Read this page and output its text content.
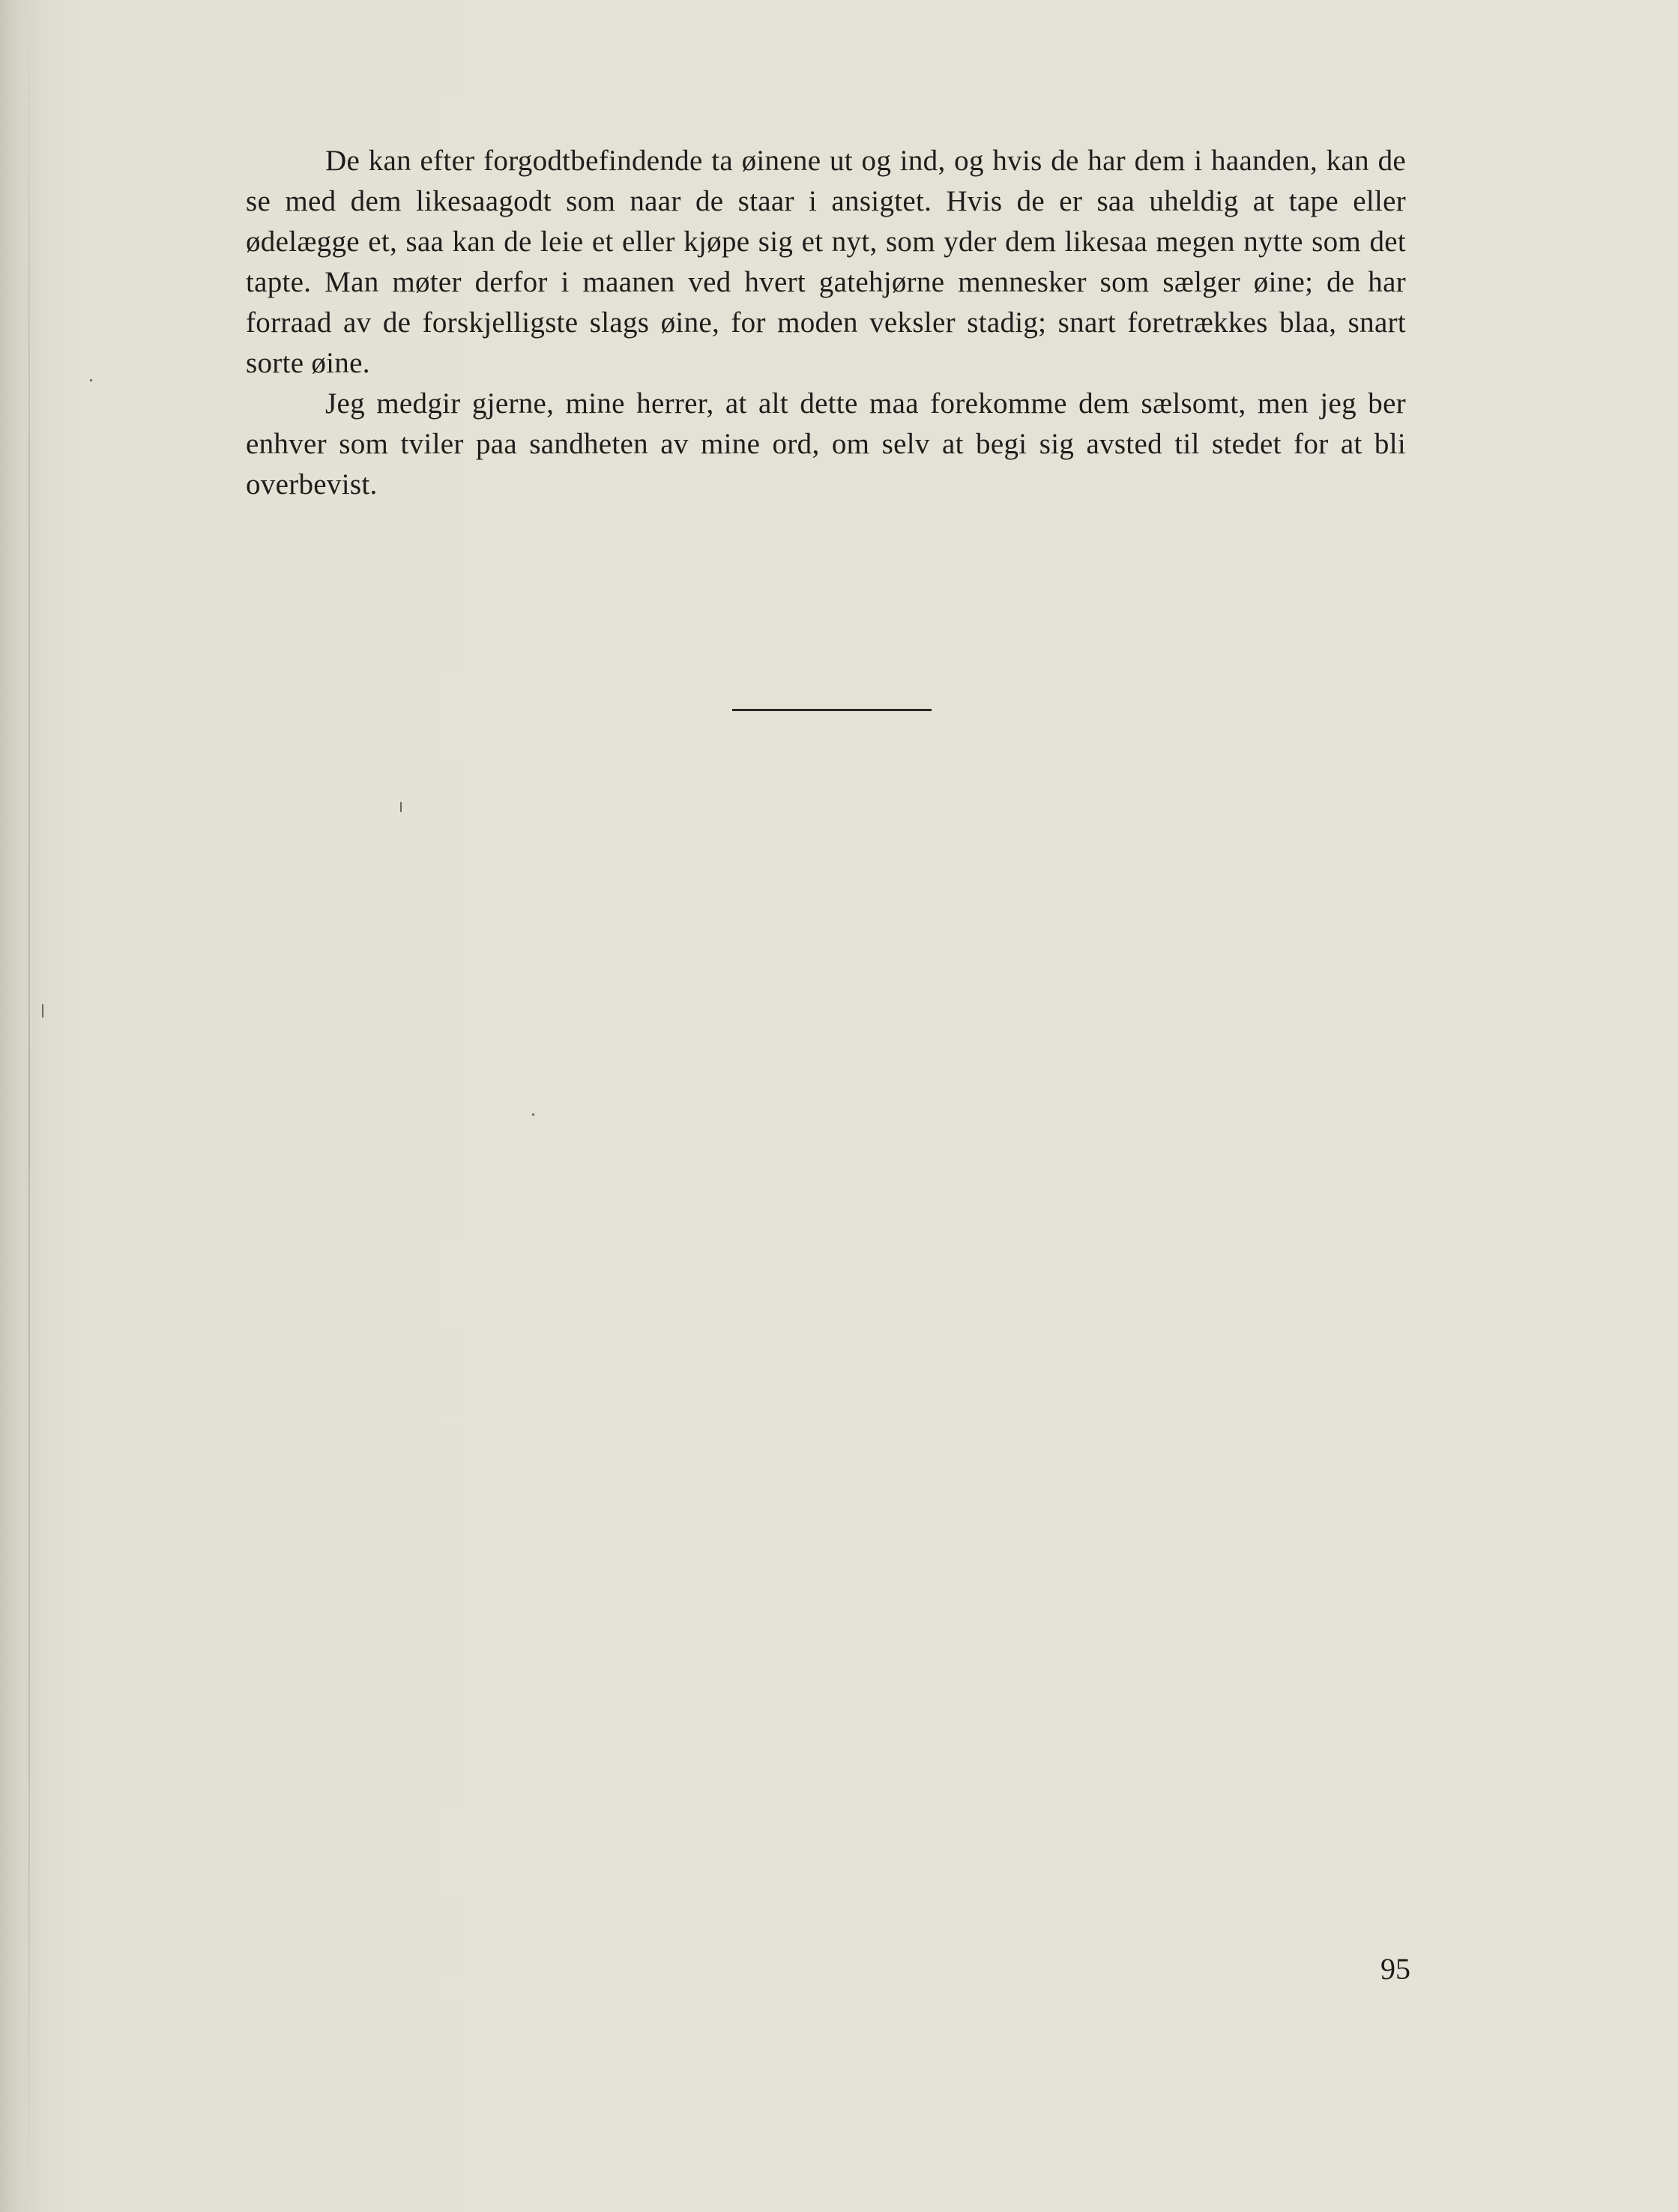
De kan efter forgodtbefindende ta øinene ut og ind, og hvis de har dem i haanden, kan de se med dem likesaagodt som naar de staar i ansigtet. Hvis de er saa uheldig at tape eller ødelægge et, saa kan de leie et eller kjøpe sig et nyt, som yder dem likesaa megen nytte som det tapte. Man møter derfor i maanen ved hvert gatehjørne mennesker som sælger øine; de har forraad av de forskjelligste slags øine, for moden veksler stadig; snart foretrækkes blaa, snart sorte øine.

Jeg medgir gjerne, mine herrer, at alt dette maa forekomme dem sælsomt, men jeg ber enhver som tviler paa sandheten av mine ord, om selv at begi sig avsted til stedet for at bli overbevist.

95
